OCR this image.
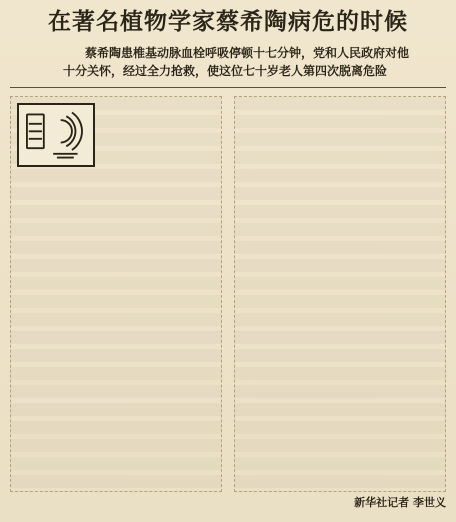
在著名植物学家蔡希陶病危的时候
蔡希陶患椎基动脉血栓呼吸停顿十七分钟，党和人民政府对他
十分关怀，经过全力抢救，使这位七十岁老人第四次脱离危险
新华社记者 李世义
